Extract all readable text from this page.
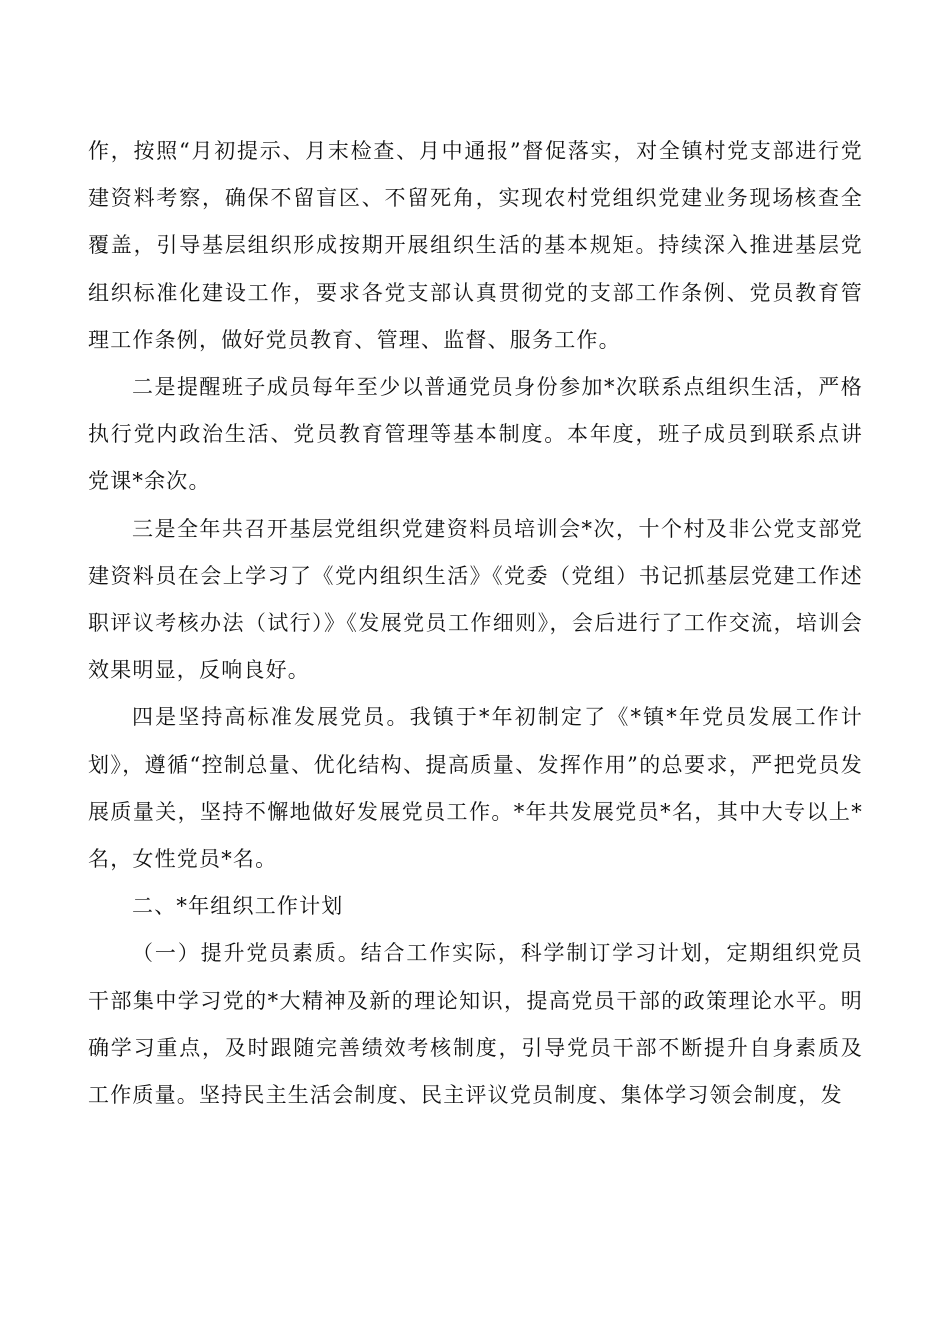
作，按照“月初提示、月末检查、月中通报”督促落实，对全镇村党支部进行党建资料考察，确保不留盲区、不留死角，实现农村党组织党建业务现场核查全覆盖，引导基层组织形成按期开展组织生活的基本规矩。持续深入推进基层党组织标准化建设工作，要求各党支部认真贯彻党的支部工作条例、党员教育管理工作条例，做好党员教育、管理、监督、服务工作。

二是提醒班子成员每年至少以普通党员身份参加*次联系点组织生活，严格执行党内政治生活、党员教育管理等基本制度。本年度，班子成员到联系点讲党课*余次。

三是全年共召开基层党组织党建资料员培训会*次，十个村及非公党支部党建资料员在会上学习了《党内组织生活》《党委（党组）书记抓基层党建工作述职评议考核办法（试行）》《发展党员工作细则》，会后进行了工作交流，培训会效果明显，反响良好。

四是坚持高标准发展党员。我镇于*年初制定了《*镇*年党员发展工作计划》，遵循“控制总量、优化结构、提高质量、发挥作用”的总要求，严把党员发展质量关，坚持不懈地做好发展党员工作。*年共发展党员*名，其中大专以上*名，女性党员*名。

二、*年组织工作计划

（一）提升党员素质。结合工作实际，科学制订学习计划，定期组织党员干部集中学习党的*大精神及新的理论知识，提高党员干部的政策理论水平。明确学习重点，及时跟随完善绩效考核制度，引导党员干部不断提升自身素质及工作质量。坚持民主生活会制度、民主评议党员制度、集体学习领会制度，发
